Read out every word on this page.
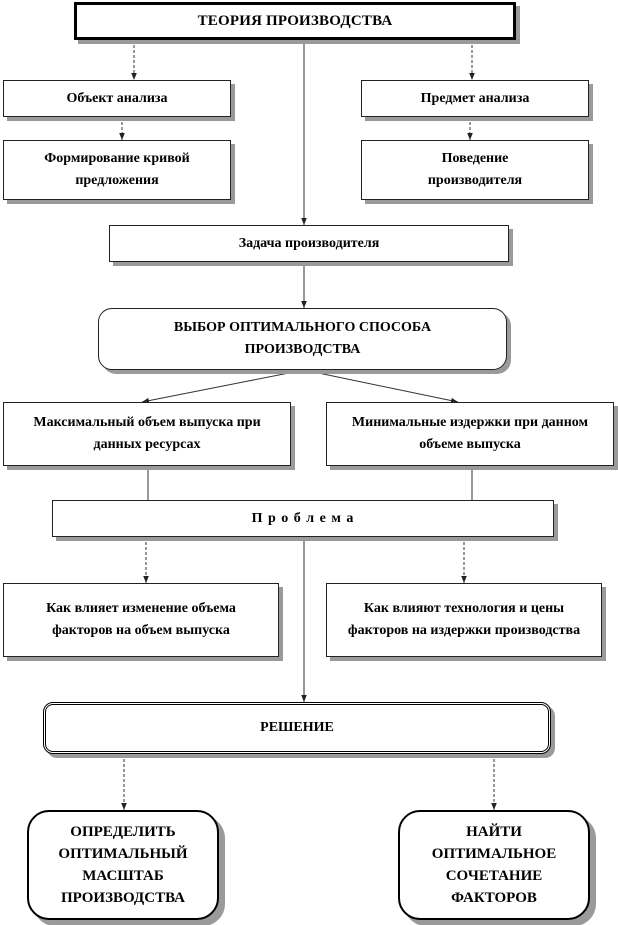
ТЕОРИЯ ПРОИЗВОДСТВА
Объект анализа	Предмет анализа
Формирование кривой предложения
Поведение производителя
Задача производителя
ВЫБОР ОПТИМАЛЬНОГО СПОСОБА ПРОИЗВОДСТВА
Максимальный объем выпуска при данных ресурсах
Минимальные издержки при данном объеме выпуска
П р о б л е м а
Как влияет изменение объема факторов на объем выпуска
Как влияют технология и цены факторов на издержки производства
РЕШЕНИЕ
ОПРЕДЕЛИТЬ ОПТИМАЛЬНЫЙ МАСШТАБ ПРОИЗВОДСТВА
НАЙТИ ОПТИМАЛЬНОЕ СОЧЕТАНИЕ ФАКТОРОВ
